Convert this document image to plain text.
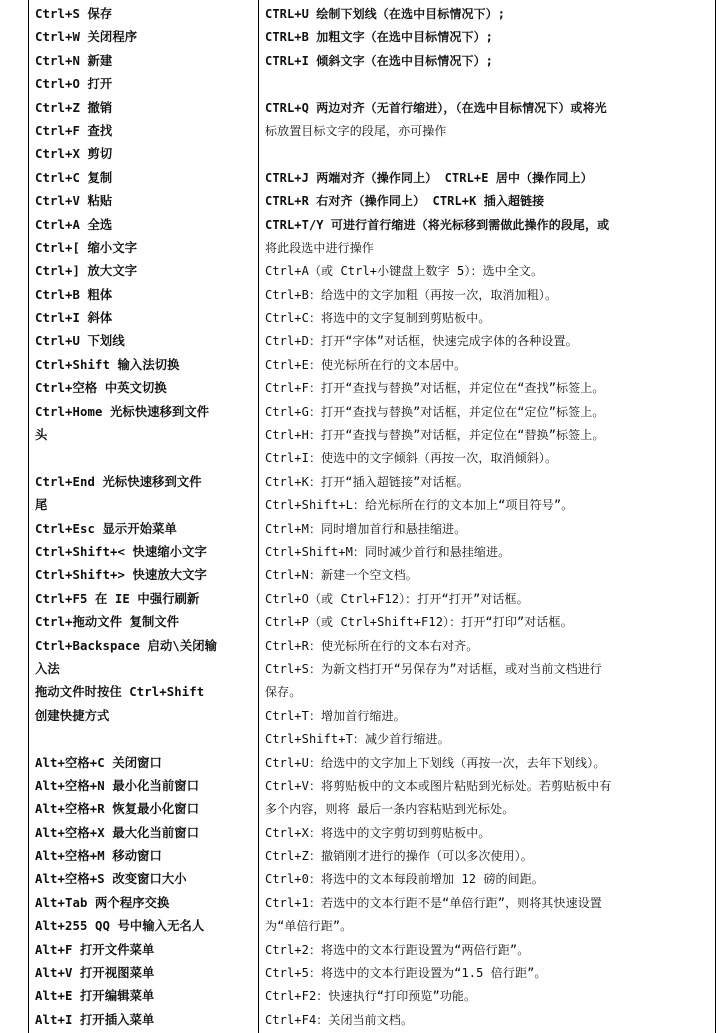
Ctrl+S 保存
Ctrl+W 关闭程序
Ctrl+N 新建
Ctrl+O 打开
Ctrl+Z 撤销
Ctrl+F 查找
Ctrl+X 剪切
Ctrl+C 复制
Ctrl+V 粘贴
Ctrl+A 全选
Ctrl+[ 缩小文字
Ctrl+] 放大文字
Ctrl+B 粗体
Ctrl+I 斜体
Ctrl+U 下划线
Ctrl+Shift 输入法切换
Ctrl+空格 中英文切换
Ctrl+Home 光标快速移到文件
头
Ctrl+End 光标快速移到文件
尾
Ctrl+Esc 显示开始菜单
Ctrl+Shift+< 快速缩小文字
Ctrl+Shift+> 快速放大文字
Ctrl+F5 在 IE 中强行刷新
Ctrl+拖动文件 复制文件
Ctrl+Backspace 启动\关闭输
入法
拖动文件时按住 Ctrl+Shift
创建快捷方式
Alt+空格+C 关闭窗口
Alt+空格+N 最小化当前窗口
Alt+空格+R 恢复最小化窗口
Alt+空格+X 最大化当前窗口
Alt+空格+M 移动窗口
Alt+空格+S 改变窗口大小
Alt+Tab 两个程序交换
Alt+255 QQ 号中输入无名人
Alt+F 打开文件菜单
Alt+V 打开视图菜单
Alt+E 打开编辑菜单
Alt+I 打开插入菜单
CTRL+U 绘制下划线（在选中目标情况下）;
CTRL+B 加粗文字（在选中目标情况下）;
CTRL+I 倾斜文字（在选中目标情况下）;
CTRL+Q 两边对齐（无首行缩进），（在选中目标情况下）或将光
标放置目标文字的段尾，亦可操作
CTRL+J 两端对齐（操作同上） CTRL+E 居中（操作同上）
CTRL+R 右对齐（操作同上） CTRL+K 插入超链接
CTRL+T/Y 可进行首行缩进（将光标移到需做此操作的段尾，或
将此段选中进行操作
Ctrl+A（或 Ctrl+小键盘上数字 5）：选中全文。
Ctrl+B：给选中的文字加粗（再按一次，取消加粗）。
Ctrl+C：将选中的文字复制到剪贴板中。
Ctrl+D：打开“字体”对话框，快速完成字体的各种设置。
Ctrl+E：使光标所在行的文本居中。
Ctrl+F：打开“查找与替换”对话框，并定位在“查找”标签上。
Ctrl+G：打开“查找与替换”对话框，并定位在“定位”标签上。
Ctrl+H：打开“查找与替换”对话框，并定位在“替换”标签上。
Ctrl+I：使选中的文字倾斜（再按一次，取消倾斜）。
Ctrl+K：打开“插入超链接”对话框。
Ctrl+Shift+L：给光标所在行的文本加上“项目符号”。
Ctrl+M：同时增加首行和悬挂缩进。
Ctrl+Shift+M：同时减少首行和悬挂缩进。
Ctrl+N：新建一个空文档。
Ctrl+O（或 Ctrl+F12）：打开“打开”对话框。
Ctrl+P（或 Ctrl+Shift+F12）：打开“打印”对话框。
Ctrl+R：使光标所在行的文本右对齐。
Ctrl+S：为新文档打开“另保存为”对话框，或对当前文档进行
保存。
Ctrl+T：增加首行缩进。
Ctrl+Shift+T：减少首行缩进。
Ctrl+U：给选中的文字加上下划线（再按一次，去年下划线）。
Ctrl+V：将剪贴板中的文本或图片粘贴到光标处。若剪贴板中有
多个内容，则将 最后一条内容粘贴到光标处。
Ctrl+X：将选中的文字剪切到剪贴板中。
Ctrl+Z：撤销刚才进行的操作（可以多次使用）。
Ctrl+0：将选中的文本每段前增加 12 磅的间距。
Ctrl+1：若选中的文本行距不是“单倍行距”，则将其快速设置
为“单倍行距”。
Ctrl+2：将选中的文本行距设置为“两倍行距”。
Ctrl+5：将选中的文本行距设置为“1.5 倍行距”。
Ctrl+F2：快速执行“打印预览”功能。
Ctrl+F4：关闭当前文档。
